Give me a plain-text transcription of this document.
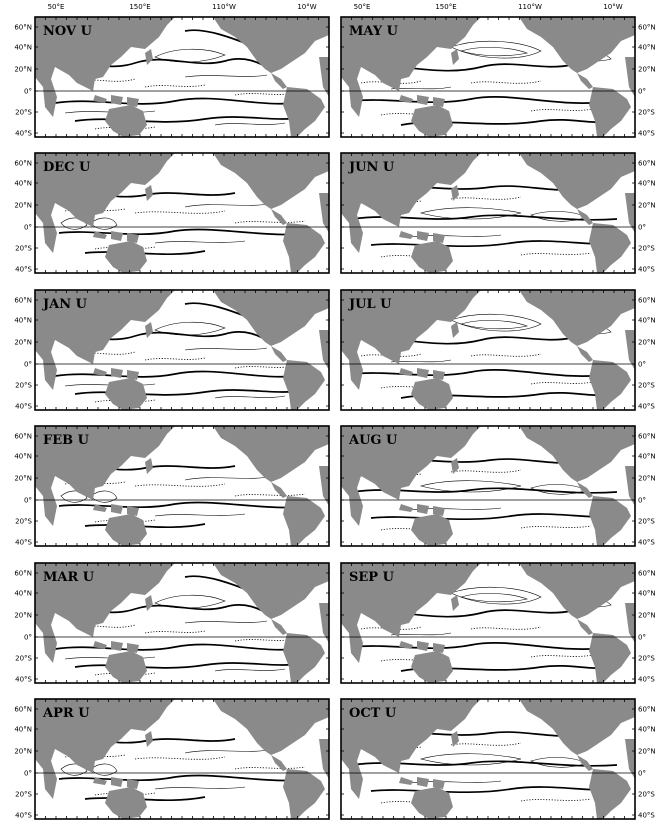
50°E	150°E	110°W	10°W	50°E	150°E	110°W	10°W
60°N
40°N
20°N
0°
20°S
40°S
NOV U	60°N
40°N
20°N
0°
20°S
40°S
MAY U
60°N
40°N
20°N
0°
20°S
40°S
DEC U	60°N
40°N
20°N
0°
20°S
40°S
JUN U
60°N
40°N
20°N
0°
20°S
40°S
JAN U	60°N
40°N
20°N
0°
20°S
40°S
JUL U
60°N
40°N
20°N
0°
20°S
40°S
FEB U	60°N
40°N
20°N
0°
20°S
40°S
AUG U
60°N
40°N
20°N
0°
20°S
40°S
MAR U	60°N
40°N
20°N
0°
20°S
40°S
SEP U
60°N
40°N
20°N
0°
20°S
40°S
APR U	60°N
40°N
20°N
0°
20°S
40°S
OCT U
